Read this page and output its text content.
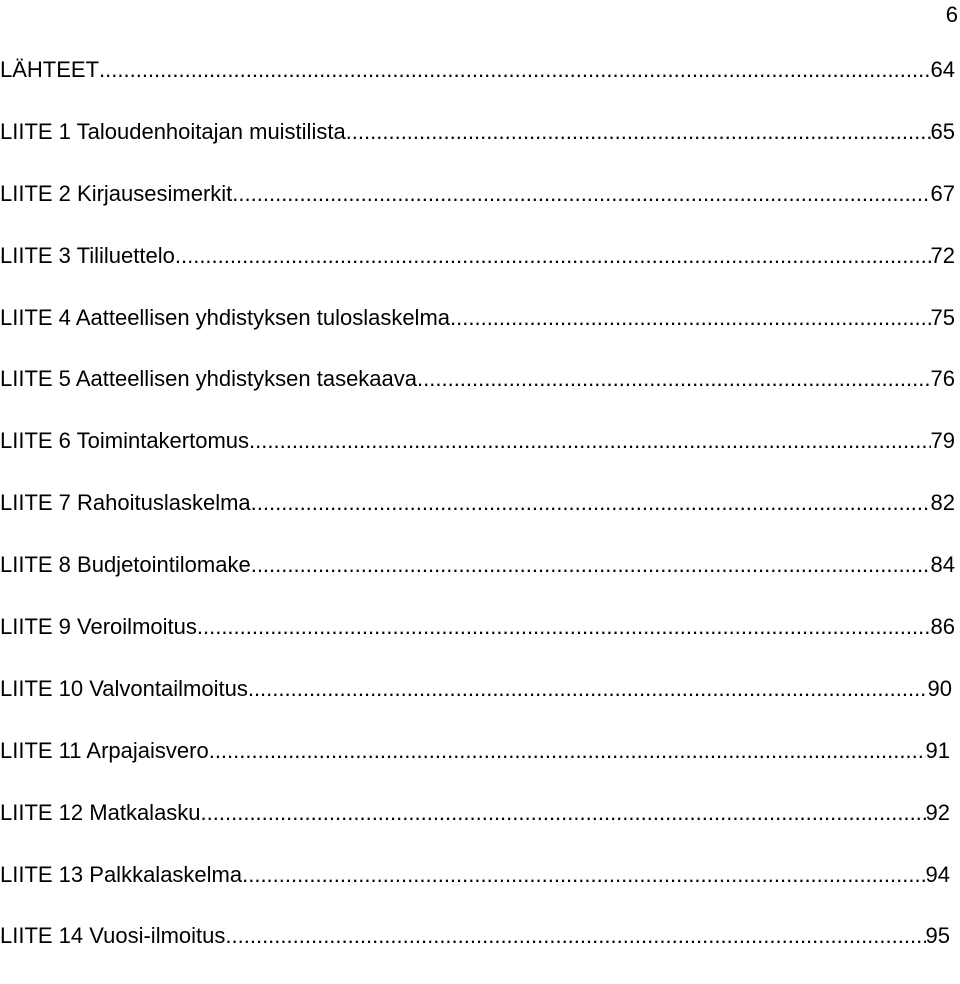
6
LÄHTEET .....	64
LIITE 1 Taloudenhoitajan muistilista .....	65
LIITE 2 Kirjausesimerkit .....	67
LIITE 3 Tililuettelo .....	72
LIITE 4 Aatteellisen yhdistyksen tuloslaskelma .....	75
LIITE 5 Aatteellisen yhdistyksen tasekaava .....	76
LIITE 6 Toimintakertomus .....	79
LIITE 7 Rahoituslaskelma .....	82
LIITE 8 Budjetointilomake .....	84
LIITE 9 Veroilmoitus .....	86
LIITE 10 Valvontailmoitus .....	90
LIITE 11 Arpajaisvero .....	91
LIITE 12 Matkalasku .....	92
LIITE 13 Palkkalaskelma .....	94
LIITE 14 Vuosi-ilmoitus .....	95
